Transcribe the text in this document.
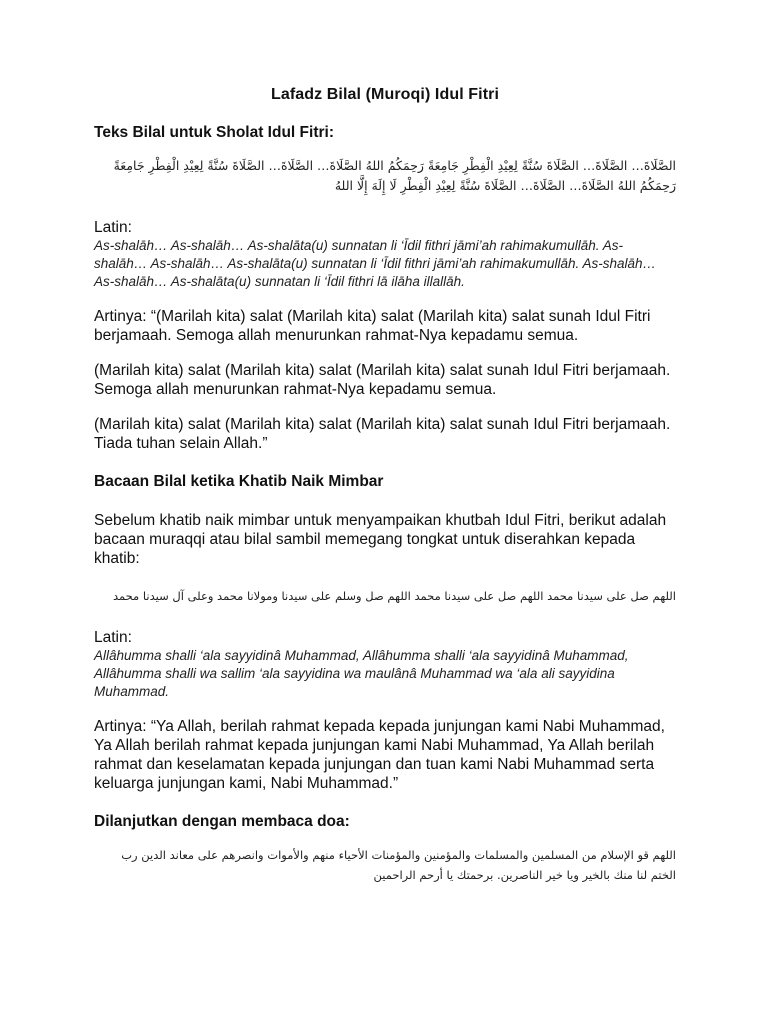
Lafadz Bilal (Muroqi) Idul Fitri
Teks Bilal untuk Sholat Idul Fitri:
الصَّلَاةَ… الصَّلَاةَ… الصَّلَاةَ سُنَّةً لِعِيْدِ الْفِطْرِ جَامِعَةً رَحِمَكُمُ اللهُ الصَّلَاةَ… الصَّلَاةَ… الصَّلَاةَ سُنَّةً لِعِيْدِ الْفِطْرِ جَامِعَةً رَحِمَكُمُ اللهُ الصَّلَاةَ… الصَّلَاةَ… الصَّلَاةَ سُنَّةً لِعِيْدِ الْفِطْرِ لَا إِلَهَ إِلَّا اللهُ
Latin:

As-shalāh… As-shalāh… As-shalāta(u) sunnatan li ‘Īdil fithri jāmi’ah rahimakumullāh. As-shalāh… As-shalāh… As-shalāta(u) sunnatan li ‘Īdil fithri jāmi’ah rahimakumullāh. As-shalāh… As-shalāh… As-shalāta(u) sunnatan li ‘Īdil fithri lā ilāha illallāh.

Artinya: “(Marilah kita) salat (Marilah kita) salat (Marilah kita) salat sunah Idul Fitri berjamaah. Semoga allah menurunkan rahmat-Nya kepadamu semua.

(Marilah kita) salat (Marilah kita) salat (Marilah kita) salat sunah Idul Fitri berjamaah. Semoga allah menurunkan rahmat-Nya kepadamu semua.

(Marilah kita) salat (Marilah kita) salat (Marilah kita) salat sunah Idul Fitri berjamaah. Tiada tuhan selain Allah.”

Bacaan Bilal ketika Khatib Naik Mimbar

Sebelum khatib naik mimbar untuk menyampaikan khutbah Idul Fitri, berikut adalah bacaan muraqqi atau bilal sambil memegang tongkat untuk diserahkan kepada khatib:

اللهم صل على سيدنا محمد اللهم صل على سيدنا محمد اللهم صل وسلم على سيدنا ومولانا محمد وعلى آل سيدنا محمد
Latin:

Allâhumma shalli ‘ala sayyidinâ Muhammad, Allâhumma shalli ‘ala sayyidinâ Muhammad, Allâhumma shalli wa sallim ‘ala sayyidina wa maulânâ Muhammad wa ‘ala ali sayyidina Muhammad.

Artinya: “Ya Allah, berilah rahmat kepada kepada junjungan kami Nabi Muhammad, Ya Allah berilah rahmat kepada junjungan kami Nabi Muhammad, Ya Allah berilah rahmat dan keselamatan kepada junjungan dan tuan kami Nabi Muhammad serta keluarga junjungan kami, Nabi Muhammad.”

Dilanjutkan dengan membaca doa:
اللهم قو الإسلام من المسلمين والمسلمات والمؤمنين والمؤمنات الأحياء منهم والأموات وانصرهم على معاند الدين رب الختم لنا منك بالخير ويا خير الناصرين. برحمتك يا أرحم الراحمين
